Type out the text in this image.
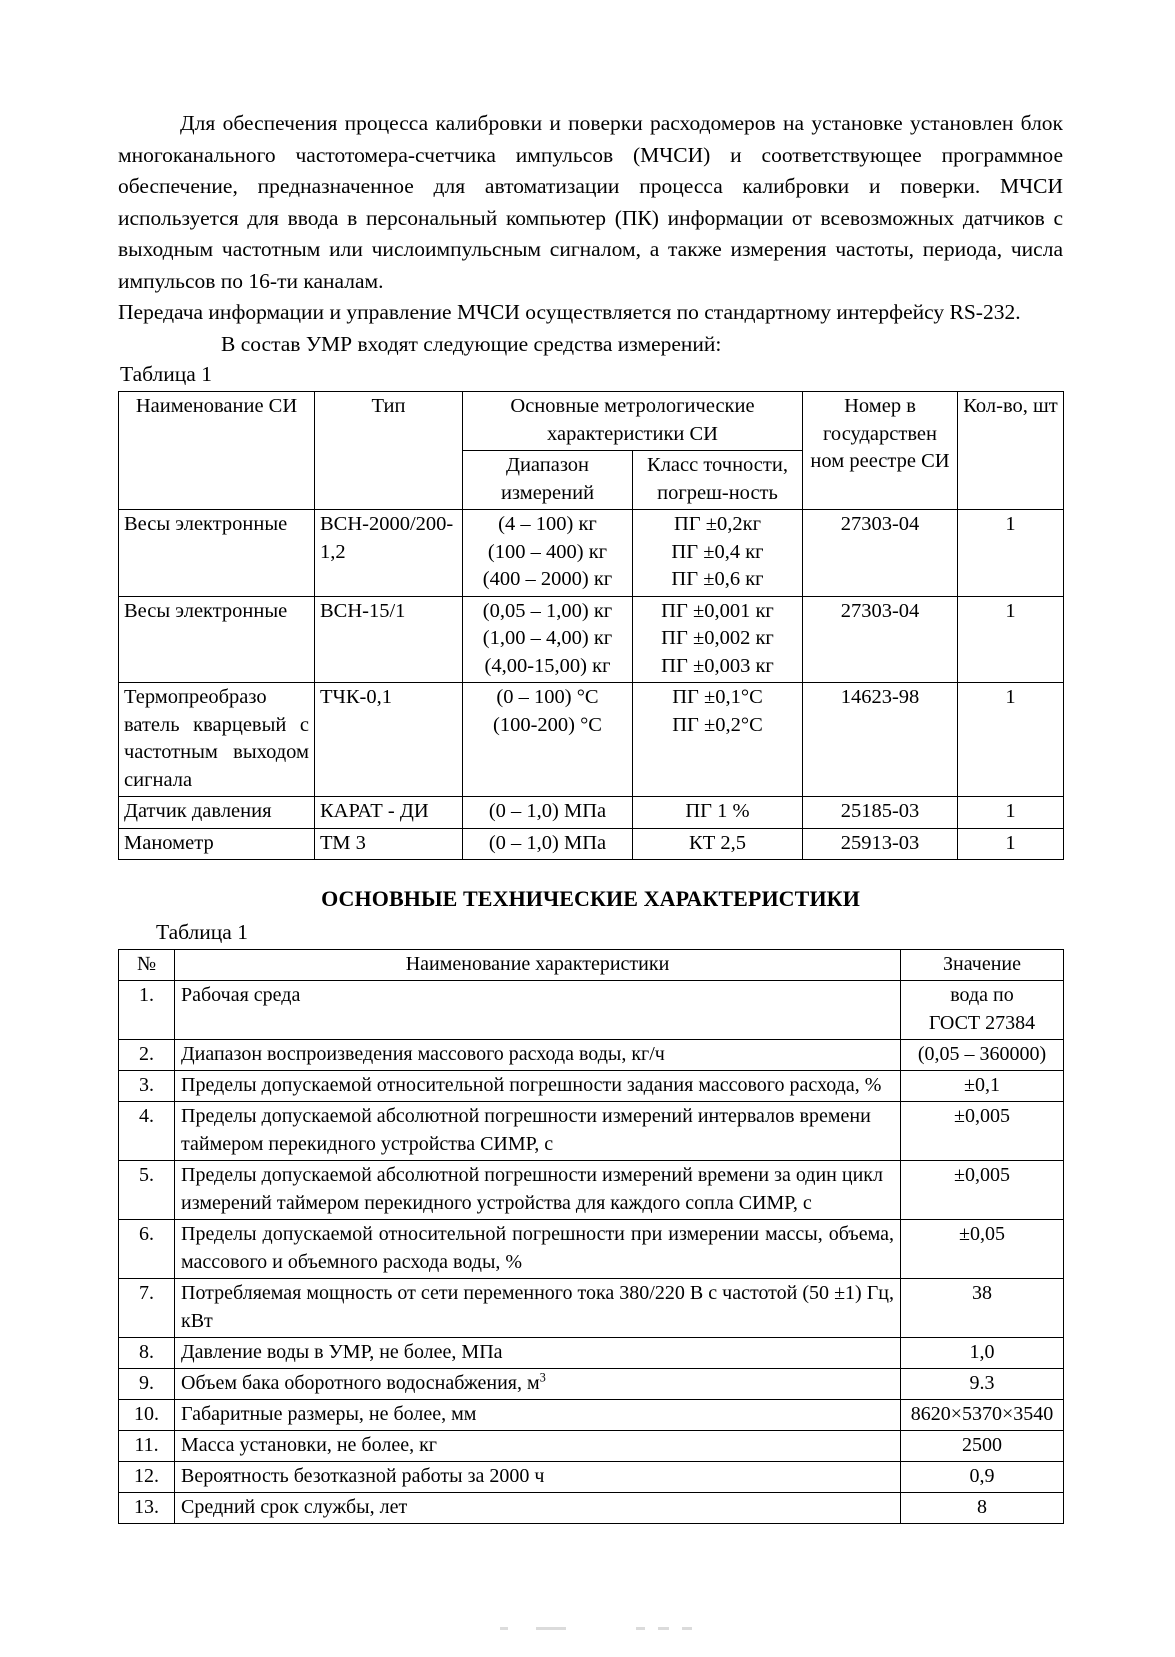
Для обеспечения процесса калибровки и поверки расходомеров на установке установлен блок многоканального частотомера-счетчика импульсов (МЧСИ) и соответствующее программное обеспечение, предназначенное для автоматизации процесса калибровки и поверки. МЧСИ используется для ввода в персональный компьютер (ПК) информации от всевозможных датчиков с выходным частотным или числоимпульсным сигналом, а также измерения частоты, периода, числа импульсов по 16-ти каналам.

Передача информации и управление МЧСИ осуществляется по стандартному интерфейсу RS-232.

В состав УМР входят следующие средства измерений:

Таблица 1

Наименование СИ	Тип	Основные метрологические характеристики СИ		Номер в государствен ном реестре СИ	Кол-во, шт
		Диапазон измерений	Класс точности, погреш-ность		
Весы электронные	ВСН-2000/200-1,2	(4 – 100) кг
(100 – 400) кг
(400 – 2000) кг	ПГ ±0,2кг
ПГ ±0,4 кг
ПГ ±0,6 кг	27303-04	1
Весы электронные	ВСН-15/1	(0,05 – 1,00) кг
(1,00 – 4,00) кг
(4,00-15,00) кг	ПГ ±0,001 кг
ПГ ±0,002 кг
ПГ ±0,003 кг	27303-04	1
Термопреобразо ватель кварцевый с частотным выходом сигнала	ТЧК-0,1	(0 – 100) °С
(100-200) °С	ПГ ±0,1°С
ПГ ±0,2°С	14623-98	1
Датчик давления	КАРАТ - ДИ	(0 – 1,0) МПа	ПГ 1 %	25185-03	1
Манометр	ТМ 3	(0 – 1,0) МПа	КТ 2,5	25913-03	1
ОСНОВНЫЕ ТЕХНИЧЕСКИЕ ХАРАКТЕРИСТИКИ

Таблица 1

№	Наименование характеристики	Значение
1.	Рабочая среда	вода по
ГОСТ 27384
2.	Диапазон воспроизведения массового расхода воды, кг/ч	(0,05 – 360000)
3.	Пределы допускаемой относительной погрешности задания массового расхода, %	±0,1
4.	Пределы допускаемой абсолютной погрешности измерений интервалов времени таймером перекидного устройства СИМР, с	±0,005
5.	Пределы допускаемой абсолютной погрешности измерений времени за один цикл измерений таймером перекидного устройства для каждого сопла СИМР, с	±0,005
6.	Пределы допускаемой относительной погрешности при измерении массы, объема, массового и объемного расхода воды, %	±0,05
7.	Потребляемая мощность от сети переменного тока 380/220 В с частотой (50 ±1) Гц, кВт	38
8.	Давление воды в УМР, не более, МПа	1,0
9.	Объем бака оборотного водоснабжения, $м^3$	9.3
10.	Габаритные размеры, не более, мм	8620×5370×3540
11.	Масса установки, не более, кг	2500
12.	Вероятность безотказной работы за 2000 ч	0,9
13.	Средний срок службы, лет	8
